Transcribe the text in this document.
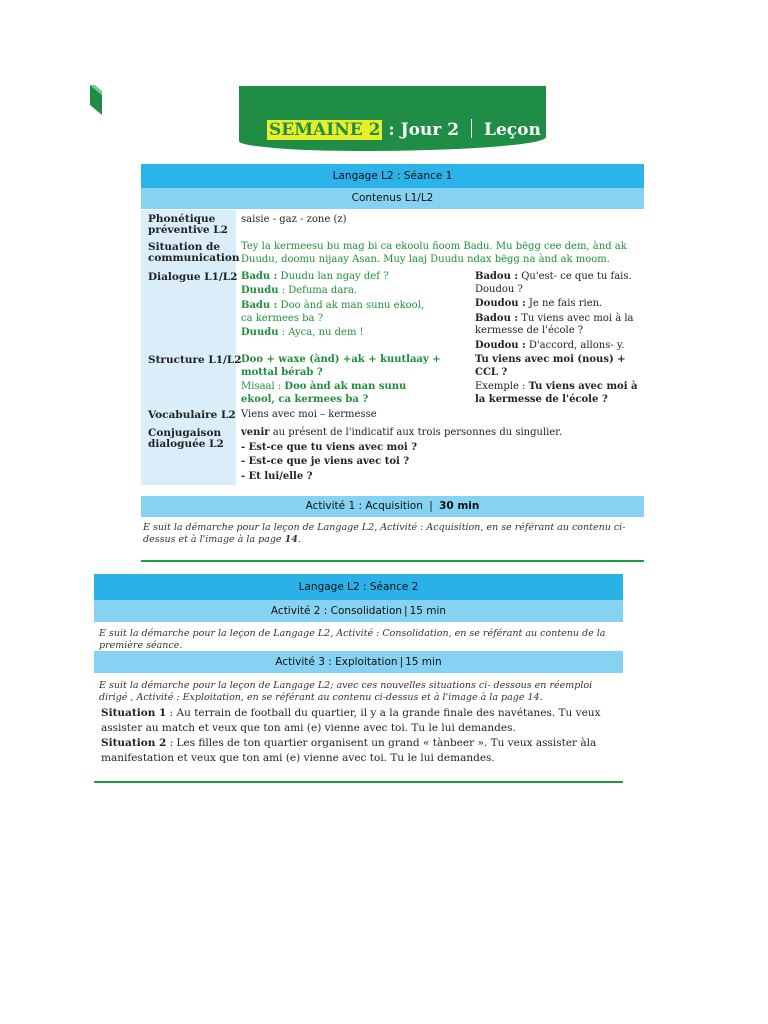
SEMAINE 2 : Jour 2 Leçon 4
Langage L2 : Séance 1
Contenus L1/L2
Phonétique préventive L2
Situation de communication
Dialogue L1/L2
Structure L1/L2
Vocabulaire L2
Conjugaison dialoguée L2
saisie - gaz - zone (z)
Tey la kermeesu bu mag bi ca ekoolu ñoom Badu. Mu bëgg cee dem, ànd ak Duudu, doomu nijaay Asan. Muy laaj Duudu ndax bëgg na ànd ak moom.
Badu : Duudu lan ngay def ?
Duudu : Defuma dara.
Badu : Doo ànd ak man sunu ekool, ca kermees ba ?
Duudu : Ayca, nu dem !
Badou : Qu'est- ce que tu fais. Doudou ?
Doudou : Je ne fais rien.
Badou : Tu viens avec moi à la kermesse de l'école ?
Doudou : D'accord, allons- y.
Doo + waxe (ànd) +ak + kuutlaay + mottal bérab ?
Misaal : Doo ànd ak man sunu ekool, ca kermees ba ?
Tu viens avec moi (nous) + CCL ?
Exemple : Tu viens avec moi à la kermesse de l'école ?
Viens avec moi – kermesse
venir au présent de l'indicatif aux trois personnes du singulier.
- Est-ce que tu viens avec moi ?
- Est-ce que je viens avec toi ?
- Et lui/elle ?
Activité 1 : Acquisition | 30 min
E suit la démarche pour la leçon de Langage L2, Activité : Acquisition, en se référant au contenu ci-dessus et à l'image à la page 14.
Langage L2 : Séance 2
Activité 2 : Consolidation | 15 min
E suit la démarche pour la leçon de Langage L2, Activité : Consolidation, en se référant au contenu de la première séance.
Activité 3 : Exploitation | 15 min
E suit la démarche pour la leçon de Langage L2; avec ces nouvelles situations ci- dessous en réemploi dirigé , Activité : Exploitation, en se référant au contenu ci-dessus et à l'image à la page 14.
Situation 1 : Au terrain de football du quartier, il y a la grande finale des navétanes. Tu veux assister au match et veux que ton ami (e) vienne avec toi. Tu le lui demandes.
Situation 2 : Les filles de ton quartier organisent un grand « tànbeer ». Tu veux assister àla manifestation et veux que ton ami (e) vienne avec toi. Tu le lui demandes.
